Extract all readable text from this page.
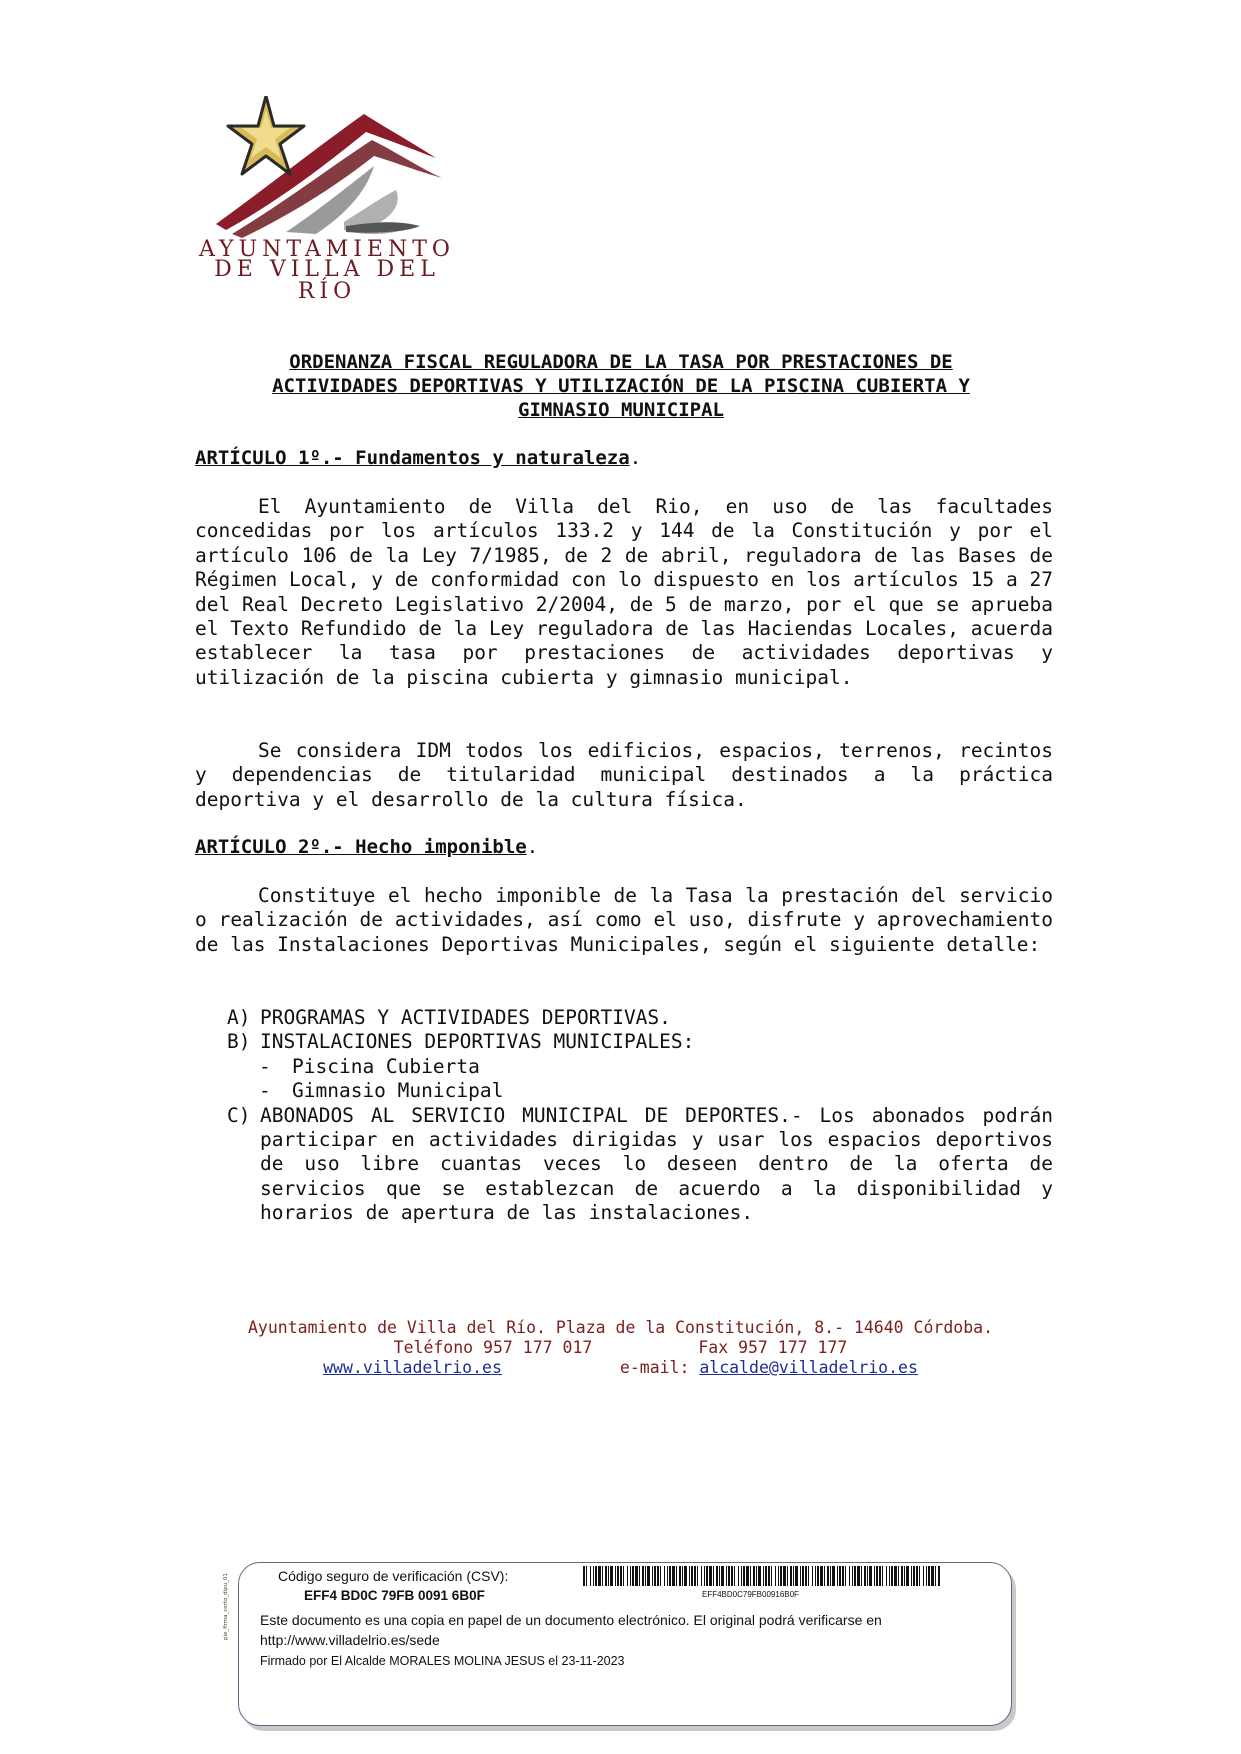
AYUNTAMIENTO
DE VILLA DEL RÍO
ORDENANZA FISCAL REGULADORA DE LA TASA POR PRESTACIONES DE
ACTIVIDADES DEPORTIVAS Y UTILIZACIÓN DE LA PISCINA CUBIERTA Y
GIMNASIO MUNICIPAL
ARTÍCULO 1º.- Fundamentos y naturaleza.

El Ayuntamiento de Villa del Rio, en uso de las facultades concedidas por los artículos 133.2 y 144 de la Constitución y por el artículo 106 de la Ley 7/1985, de 2 de abril, reguladora de las Bases de Régimen Local, y de conformidad con lo dispuesto en los artículos 15 a 27 del Real Decreto Legislativo 2/2004, de 5 de marzo, por el que se aprueba el Texto Refundido de la Ley reguladora de las Haciendas Locales, acuerda establecer la tasa por prestaciones de actividades deportivas y utilización de la piscina cubierta y gimnasio municipal.

Se considera IDM todos los edificios, espacios, terrenos, recintos y dependencias de titularidad municipal destinados a la práctica deportiva y el desarrollo de la cultura física.

ARTÍCULO 2º.- Hecho imponible.

Constituye el hecho imponible de la Tasa la prestación del servicio o realización de actividades, así como el uso, disfrute y aprovechamiento de las Instalaciones Deportivas Municipales, según el siguiente detalle:

A) PROGRAMAS Y ACTIVIDADES DEPORTIVAS.
B) INSTALACIONES DEPORTIVAS MUNICIPALES:
- Piscina Cubierta
- Gimnasio Municipal
C) ABONADOS AL SERVICIO MUNICIPAL DE DEPORTES.- Los abonados podrán participar en actividades dirigidas y usar los espacios deportivos de uso libre cuantas veces lo deseen dentro de la oferta de servicios que se establezcan de acuerdo a la disponibilidad y horarios de apertura de las instalaciones.
Ayuntamiento de Villa del Río. Plaza de la Constitución, 8.- 14640 Córdoba.
Teléfono 957 177 017	Fax 957 177 177
www.villadelrio.es	e-mail: alcalde@villadelrio.es
Código seguro de verificación (CSV):
EFF4 BD0C 79FB 0091 6B0F	EFF4BD0C79FB00916B0F
Este documento es una copia en papel de un documento electrónico. El original podrá verificarse en
http://www.villadelrio.es/sede
Firmado por El Alcalde MORALES MOLINA JESUS el 23-11-2023
pie_firma_corto_dipu_01
